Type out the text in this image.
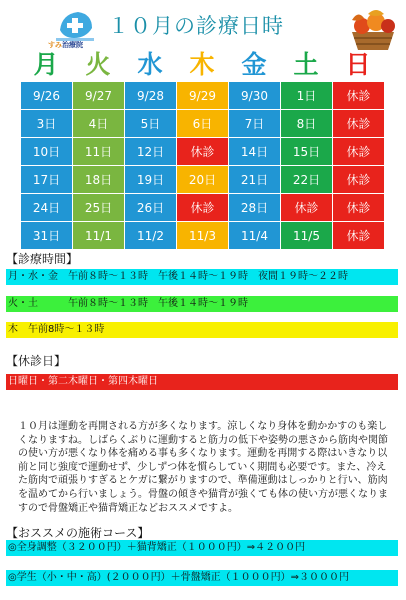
すみ治療院
１０月の診療日時
月	火	水	木	金	土	日
9/26	9/27	9/28	9/29	9/30	1日	休診
3日	4日	5日	6日	7日	8日	休診
10日	11日	12日	休診	14日	15日	休診
17日	18日	19日	20日	21日	22日	休診
24日	25日	26日	休診	28日	休診	休診
31日	11/1	11/2	11/3	11/4	11/5	休診
【診療時間】
月・水・金　午前８時～１３時　午後１４時～１９時　夜間１９時～２２時
火・土　　　午前８時～１３時　午後１４時～１９時
木　午前8時～１３時
【休診日】
日曜日・第二木曜日・第四木曜日

１０月は運動を再開される方が多くなります。涼しくなり身体を動かかすのも楽しくなりますね。しばらくぶりに運動すると筋力の低下や姿勢の悪さから筋肉や関節の使い方が悪くなり体を痛める事も多くなります。運動を再開する際はいきなり以前と同じ強度で運動せず、少しずつ体を慣らしていく期間も必要です。また、冷えた筋肉で頑張りすぎるとケガに繋がりますので、準備運動はしっかりと行い、筋肉を温めてから行いましょう。骨盤の傾きや猫背が強くても体の使い方が悪くなりますので骨盤矯正や猫背矯正などおススメですよ。

【おススメの施術コース】
◎全身調整（３２００円）＋猫背矯正（１０００円）⇒４２００円
◎学生（小・中・高）(２０００円）＋骨盤矯正（１０００円）⇒３０００円
